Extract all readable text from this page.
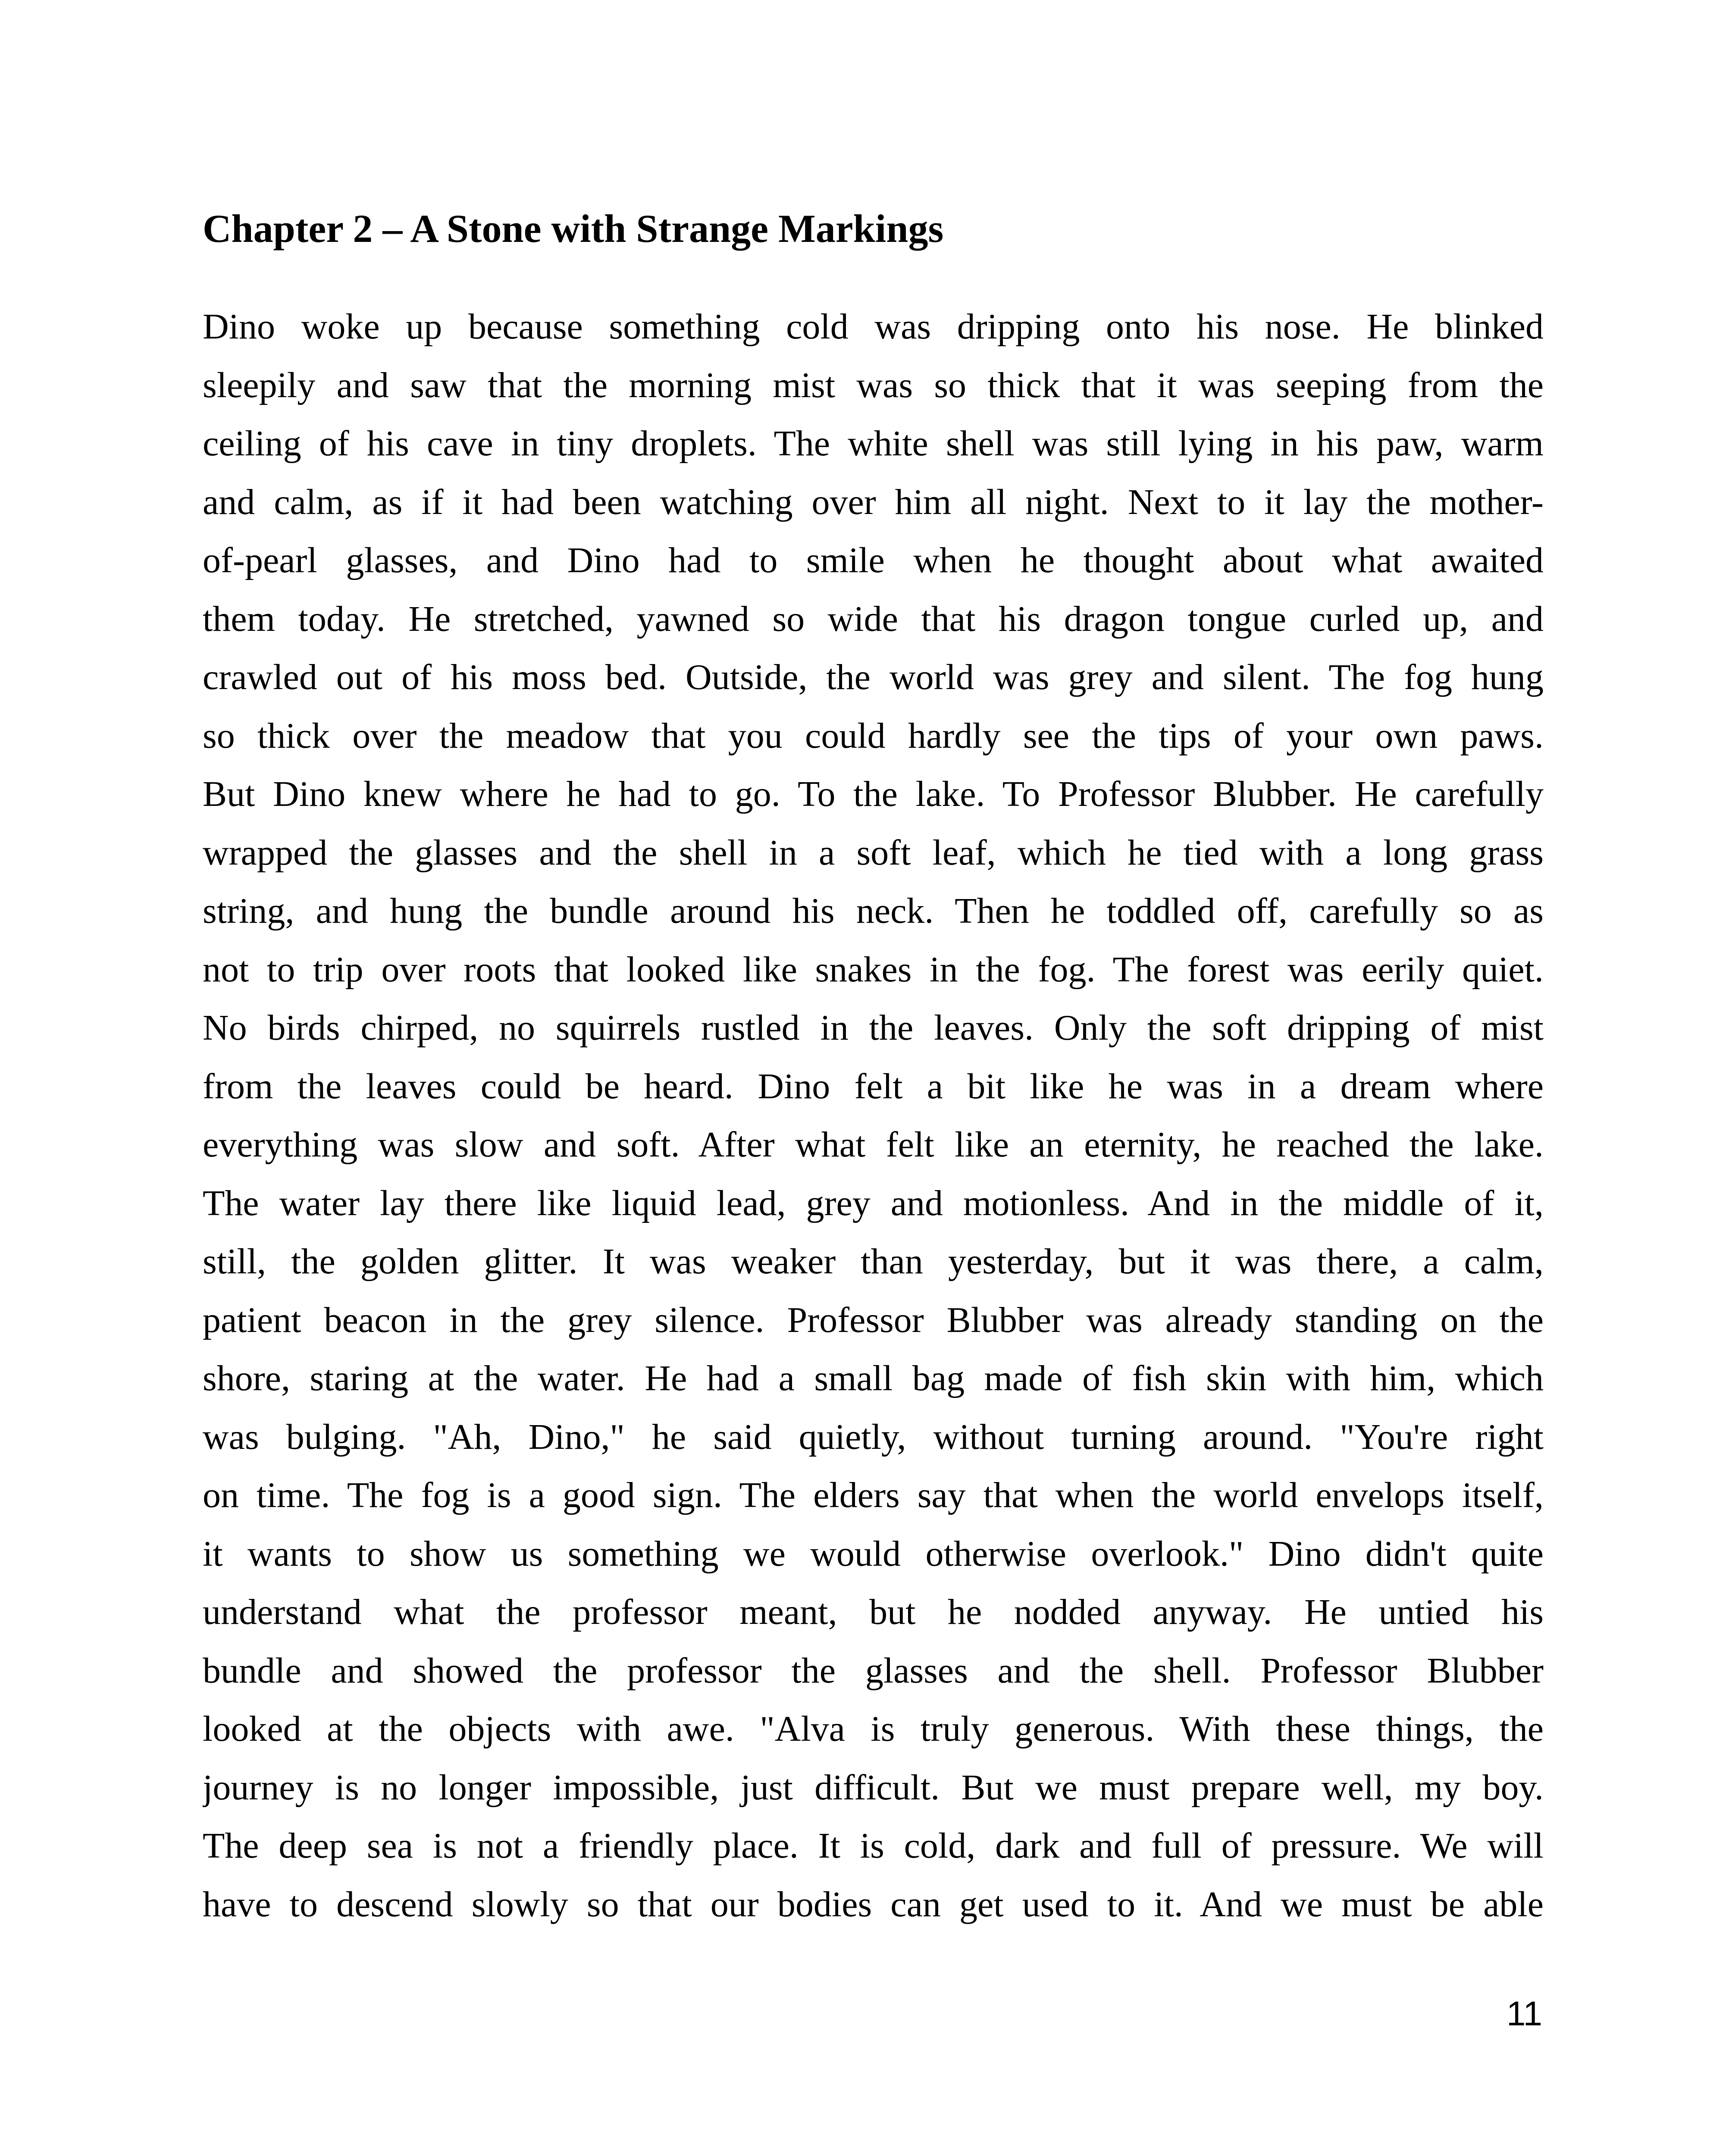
Chapter 2 – A Stone with Strange Markings
Dino woke up because something cold was dripping onto his nose. He blinked
sleepily and saw that the morning mist was so thick that it was seeping from the
ceiling of his cave in tiny droplets. The white shell was still lying in his paw, warm
and calm, as if it had been watching over him all night. Next to it lay the mother-
of-pearl glasses, and Dino had to smile when he thought about what awaited
them today. He stretched, yawned so wide that his dragon tongue curled up, and
crawled out of his moss bed. Outside, the world was grey and silent. The fog hung
so thick over the meadow that you could hardly see the tips of your own paws.
But Dino knew where he had to go. To the lake. To Professor Blubber. He carefully
wrapped the glasses and the shell in a soft leaf, which he tied with a long grass
string, and hung the bundle around his neck. Then he toddled off, carefully so as
not to trip over roots that looked like snakes in the fog. The forest was eerily quiet.
No birds chirped, no squirrels rustled in the leaves. Only the soft dripping of mist
from the leaves could be heard. Dino felt a bit like he was in a dream where
everything was slow and soft. After what felt like an eternity, he reached the lake.
The water lay there like liquid lead, grey and motionless. And in the middle of it,
still, the golden glitter. It was weaker than yesterday, but it was there, a calm,
patient beacon in the grey silence. Professor Blubber was already standing on the
shore, staring at the water. He had a small bag made of fish skin with him, which
was bulging. "Ah, Dino," he said quietly, without turning around. "You're right
on time. The fog is a good sign. The elders say that when the world envelops itself,
it wants to show us something we would otherwise overlook." Dino didn't quite
understand what the professor meant, but he nodded anyway. He untied his
bundle and showed the professor the glasses and the shell. Professor Blubber
looked at the objects with awe. "Alva is truly generous. With these things, the
journey is no longer impossible, just difficult. But we must prepare well, my boy.
The deep sea is not a friendly place. It is cold, dark and full of pressure. We will
have to descend slowly so that our bodies can get used to it. And we must be able
11
